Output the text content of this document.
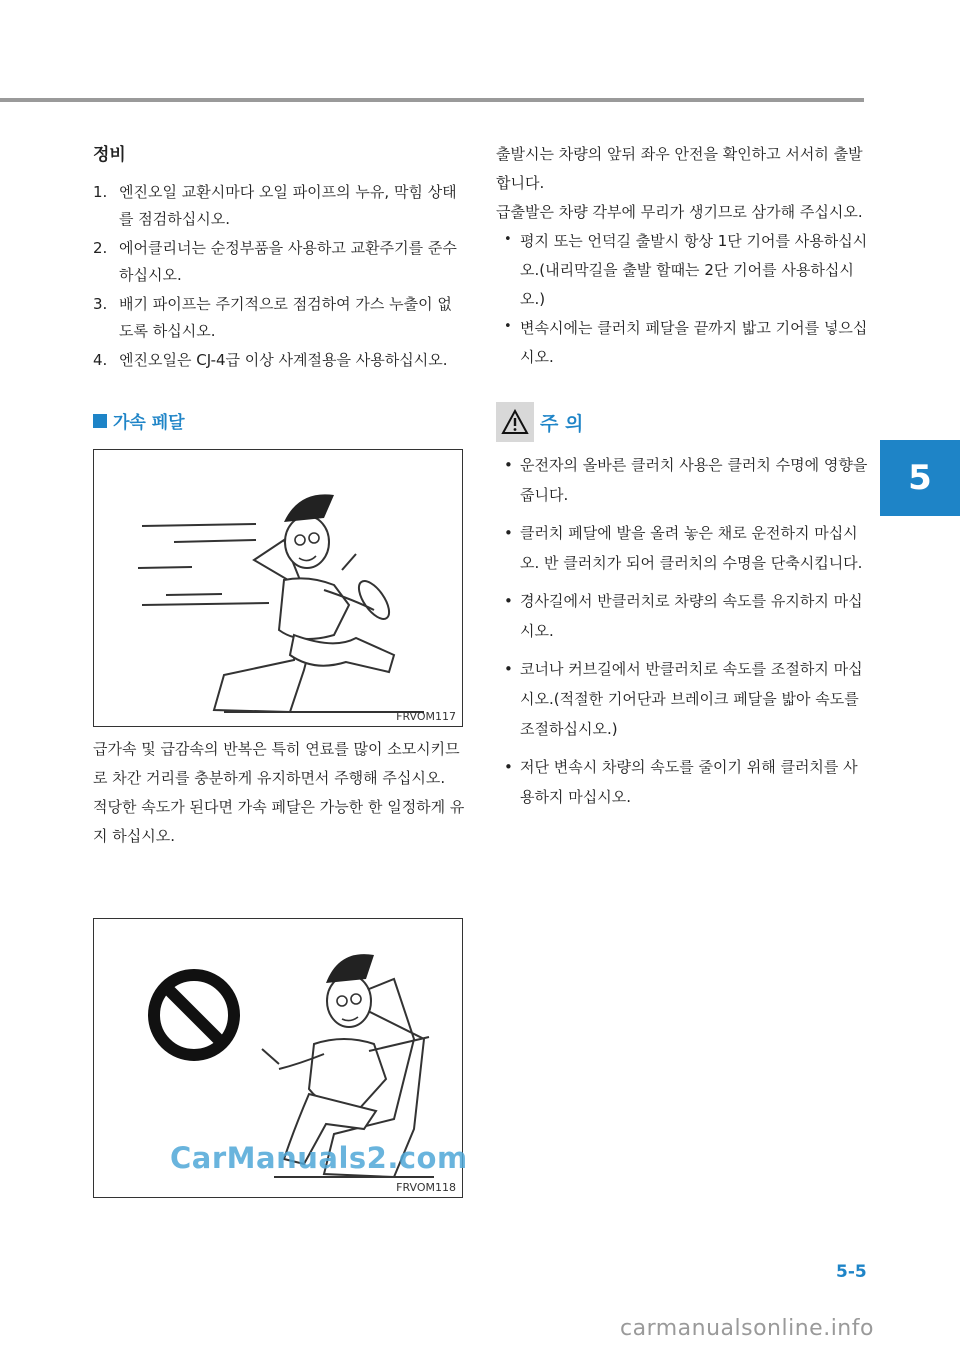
5
정비
1. 엔진오일 교환시마다 오일 파이프의 누유, 막힘 상태를 점검하십시오.
2. 에어클리너는 순정부품을 사용하고 교환주기를 준수하십시오.
3. 배기 파이프는 주기적으로 점검하여 가스 누출이 없도록 하십시오.
4. 엔진오일은 CJ-4급 이상 사계절용을 사용하십시오.
가속 페달
FRVOM117

급가속 및 급감속의 반복은 특히 연료를 많이 소모시키므로 차간 거리를 충분하게 유지하면서 주행해 주십시오.

적당한 속도가 된다면 가속 페달은 가능한 한 일정하게 유지 하십시오.

CarManuals2.com
FRVOM118

출발시는 차량의 앞뒤 좌우 안전을 확인하고 서서히 출발합니다.

급출발은 차량 각부에 무리가 생기므로 삼가해 주십시오.

• 평지 또는 언덕길 출발시 항상 1단 기어를 사용하십시오.(내리막길을 출발 할때는 2단 기어를 사용하십시오.)
• 변속시에는 클러치 페달을 끝까지 밟고 기어를 넣으십시오.
주 의
• 운전자의 올바른 클러치 사용은 클러치 수명에 영향을 줍니다.
• 클러치 페달에 발을 올려 놓은 채로 운전하지 마십시오. 반 클러치가 되어 클러치의 수명을 단축시킵니다.
• 경사길에서 반클러치로 차량의 속도를 유지하지 마십시오.
• 코너나 커브길에서 반클러치로 속도를 조절하지 마십시오.(적절한 기어단과 브레이크 페달을 밟아 속도를 조절하십시오.)
• 저단 변속시 차량의 속도를 줄이기 위해 클러치를 사용하지 마십시오.
5-5
carmanualsonline.info
